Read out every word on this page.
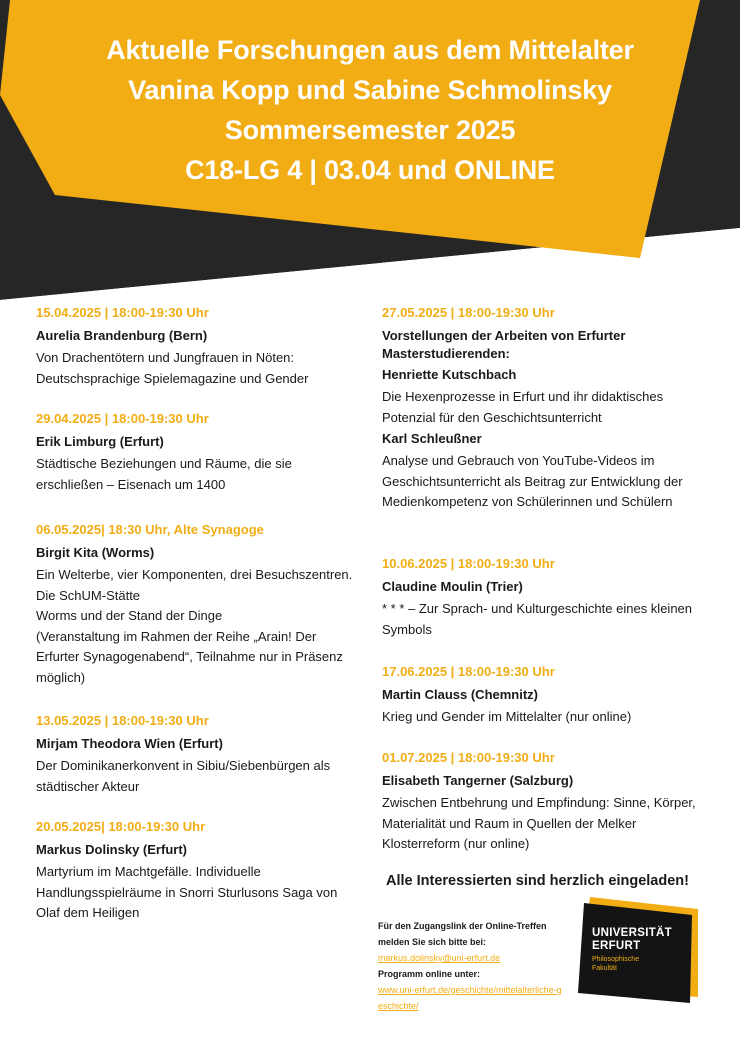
Aktuelle Forschungen aus dem Mittelalter
Vanina Kopp und Sabine Schmolinsky
Sommersemester 2025
C18-LG 4 | 03.04 und ONLINE
15.04.2025 | 18:00-19:30 Uhr
Aurelia Brandenburg (Bern)
Von Drachentötern und Jungfrauen in Nöten: Deutschsprachige Spielemagazine und Gender
29.04.2025 | 18:00-19:30 Uhr
Erik Limburg (Erfurt)
Städtische Beziehungen und Räume, die sie erschließen – Eisenach um 1400
06.05.2025| 18:30 Uhr, Alte Synagoge
Birgit Kita (Worms)
Ein Welterbe, vier Komponenten, drei Besuchszentren. Die SchUM-Stätte
Worms und der Stand der Dinge
(Veranstaltung im Rahmen der Reihe „Arain! Der Erfurter Synagogenabend“, Teilnahme nur in Präsenz möglich)
13.05.2025 | 18:00-19:30 Uhr
Mirjam Theodora Wien (Erfurt)
Der Dominikanerkonvent in Sibiu/Siebenbürgen als städtischer Akteur
20.05.2025| 18:00-19:30 Uhr
Markus Dolinsky (Erfurt)
Martyrium im Machtgefälle. Individuelle Handlungsspielräume in Snorri Sturlusons Saga von Olaf dem Heiligen
27.05.2025 | 18:00-19:30 Uhr
Vorstellungen der Arbeiten von Erfurter Masterstudierenden:
Henriette Kutschbach
Die Hexenprozesse in Erfurt und ihr didaktisches Potenzial für den Geschichtsunterricht
Karl Schleußner
Analyse und Gebrauch von YouTube-Videos im Geschichtsunterricht als Beitrag zur Entwicklung der Medienkompetenz von Schülerinnen und Schülern
10.06.2025 | 18:00-19:30 Uhr
Claudine Moulin (Trier)
* * * – Zur Sprach- und Kulturgeschichte eines kleinen Symbols
17.06.2025 | 18:00-19:30 Uhr
Martin Clauss (Chemnitz)
Krieg und Gender im Mittelalter (nur online)
01.07.2025 | 18:00-19:30 Uhr
Elisabeth Tangerner (Salzburg)
Zwischen Entbehrung und Empfindung: Sinne, Körper, Materialität und Raum in Quellen der Melker Klosterreform (nur online)
Alle Interessierten sind herzlich eingeladen!
Für den Zugangslink der Online-Treffen melden Sie sich bitte bei:
markus.dolinsky@uni-erfurt.de
Programm online unter:
www.uni-erfurt.de/geschichte/mittelalterliche-geschichte/
UNIVERSITÄT
ERFURT
Philosophische
Fakultät
